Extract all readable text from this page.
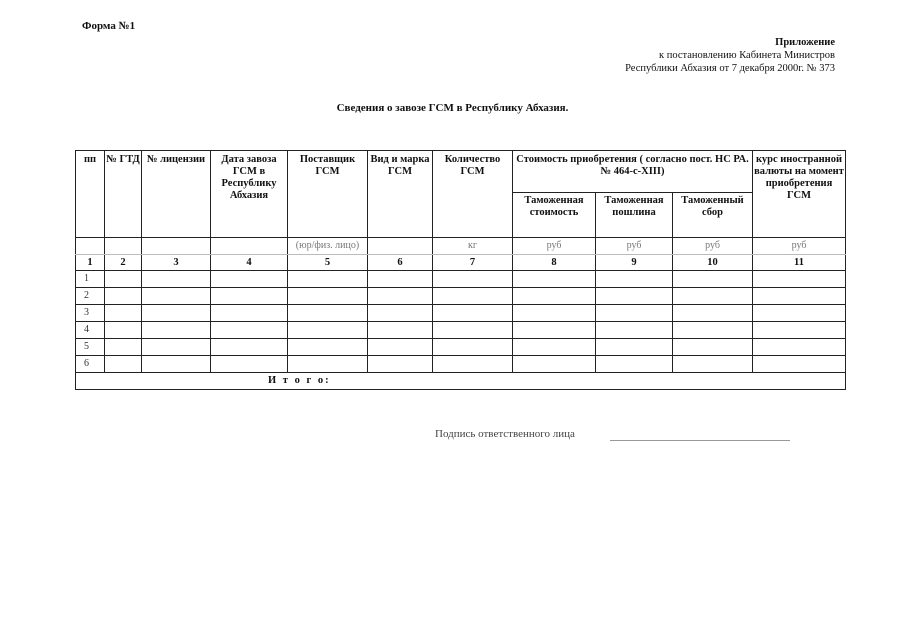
Форма №1
Приложение
к постановлению Кабинета Министров
Республики Абхазия от 7 декабря 2000г. № 373
Сведения о завозе ГСМ в Республику Абхазия.
пп	№ ГТД	№ лицензии	Дата завоза ГСМ в Республику Абхазия	Поставщик ГСМ	Вид и марка ГСМ	Количество ГСМ	Стоимость приобретения ( согласно пост. НС РА. № 464-с-XIII)			курс иностранной валюты на момент приобретения ГСМ
							Таможенная стоимость	Таможенная пошлина	Таможенный сбор	
				(юр/физ. лицо)		кг	руб	руб	руб	руб
1	2	3	4	5	6	7	8	9	10	11
1										
2										
3										
4										
5										
6										
И т о г о:										
Подпись ответственного лица
